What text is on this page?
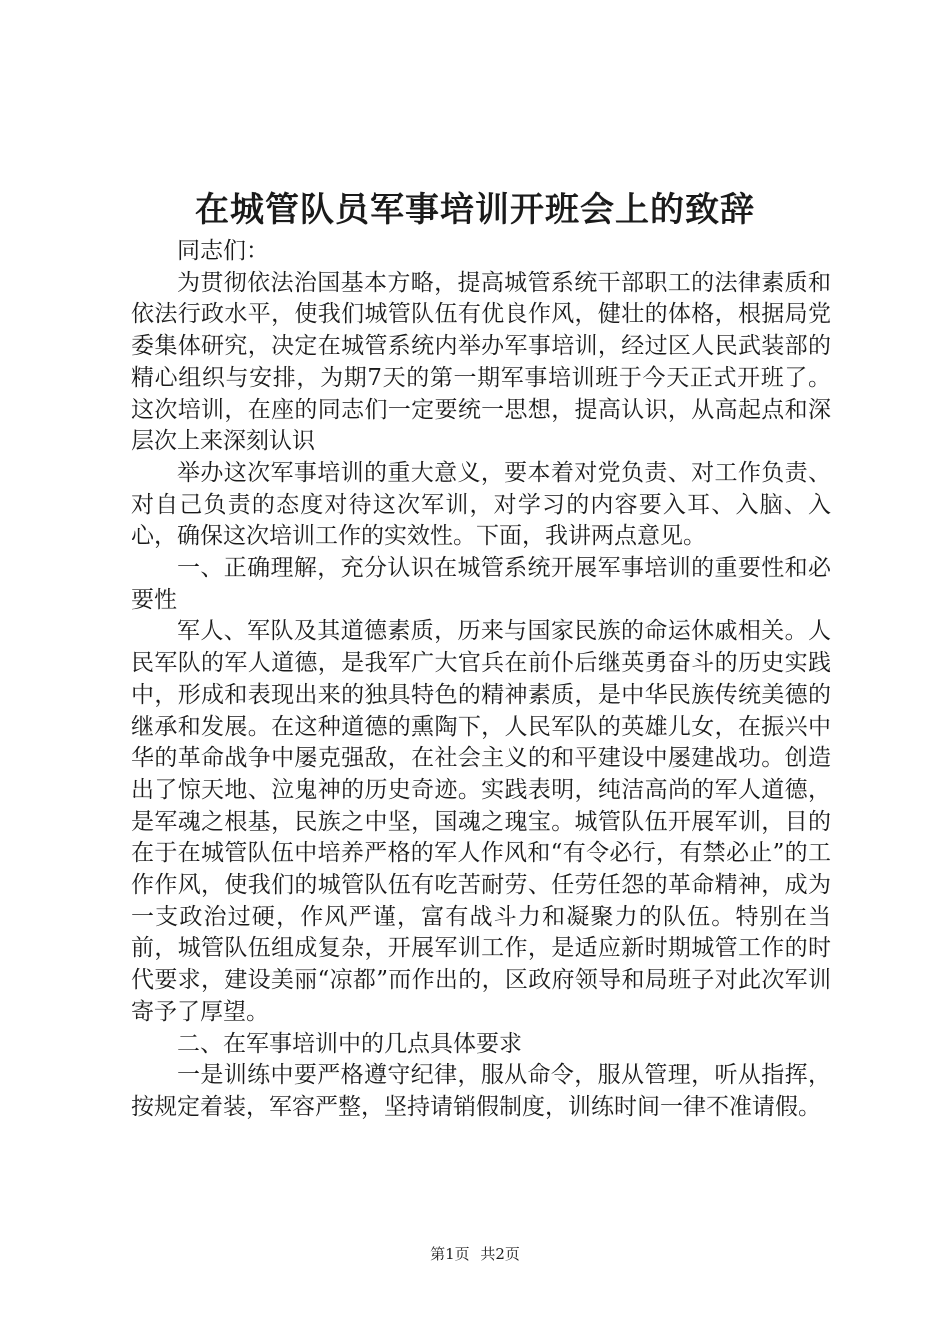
在城管队员军事培训开班会上的致辞

同志们：

为贯彻依法治国基本方略，提高城管系统干部职工的法律素质和依法行政水平，使我们城管队伍有优良作风，健壮的体格，根据局党委集体研究，决定在城管系统内举办军事培训，经过区人民武装部的精心组织与安排，为期7天的第一期军事培训班于今天正式开班了。这次培训，在座的同志们一定要统一思想，提高认识，从高起点和深层次上来深刻认识

举办这次军事培训的重大意义，要本着对党负责、对工作负责、对自己负责的态度对待这次军训，对学习的内容要入耳、入脑、入心，确保这次培训工作的实效性。下面，我讲两点意见。

一、正确理解，充分认识在城管系统开展军事培训的重要性和必要性

军人、军队及其道德素质，历来与国家民族的命运休戚相关。人民军队的军人道德，是我军广大官兵在前仆后继英勇奋斗的历史实践中，形成和表现出来的独具特色的精神素质，是中华民族传统美德的继承和发展。在这种道德的熏陶下，人民军队的英雄儿女，在振兴中华的革命战争中屡克强敌，在社会主义的和平建设中屡建战功。创造出了惊天地、泣鬼神的历史奇迹。实践表明，纯洁高尚的军人道德，是军魂之根基，民族之中坚，国魂之瑰宝。城管队伍开展军训，目的在于在城管队伍中培养严格的军人作风和“有令必行，有禁必止”的工作作风，使我们的城管队伍有吃苦耐劳、任劳任怨的革命精神，成为一支政治过硬，作风严谨，富有战斗力和凝聚力的队伍。特别在当前，城管队伍组成复杂，开展军训工作，是适应新时期城管工作的时代要求，建设美丽“凉都”而作出的，区政府领导和局班子对此次军训寄予了厚望。

二、在军事培训中的几点具体要求

一是训练中要严格遵守纪律，服从命令，服从管理，听从指挥，按规定着装，军容严整，坚持请销假制度，训练时间一律不准请假。

第1页 共2页
